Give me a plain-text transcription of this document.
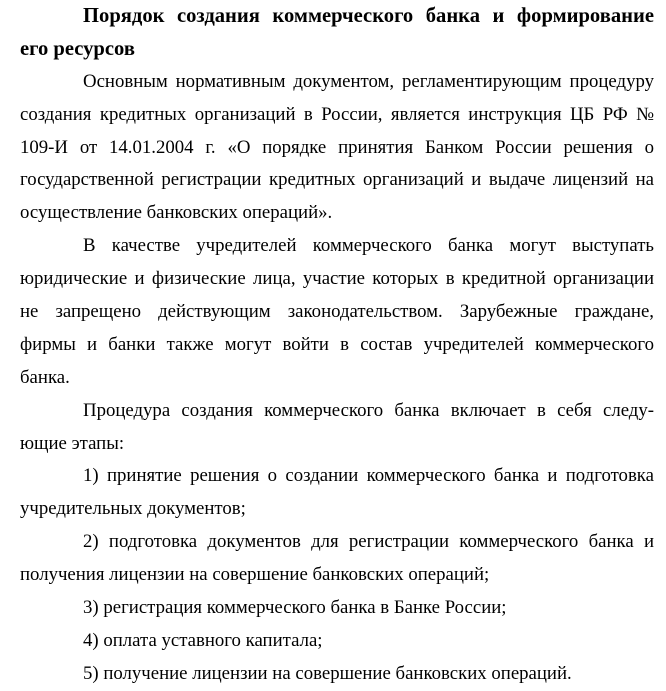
Порядок создания коммерческого банка и формирование
его ресурсов
Основным нормативным документом, регламентирующим процедуру
создания кредитных организаций в России, является инструкция ЦБ РФ №
109-И от 14.01.2004 г. «О порядке принятия Банком России решения о
государственной регистрации кредитных организаций и выдаче лицензий на
осуществление банковских операций».
В качестве учредителей коммерческого банка могут выступать
юридические и физические лица, участие которых в кредитной организации
не запрещено действующим законодательством. Зарубежные граждане,
фирмы и банки также могут войти в состав учредителей коммерческого
банка.
Процедура создания коммерческого банка включает в себя следу-
ющие этапы:
1) принятие решения о создании коммерческого банка и подготовка
учредительных документов;
2) подготовка документов для регистрации коммерческого банка и
получения лицензии на совершение банковских операций;
3) регистрация коммерческого банка в Банке России;
4) оплата уставного капитала;
5) получение лицензии на совершение банковских операций.
